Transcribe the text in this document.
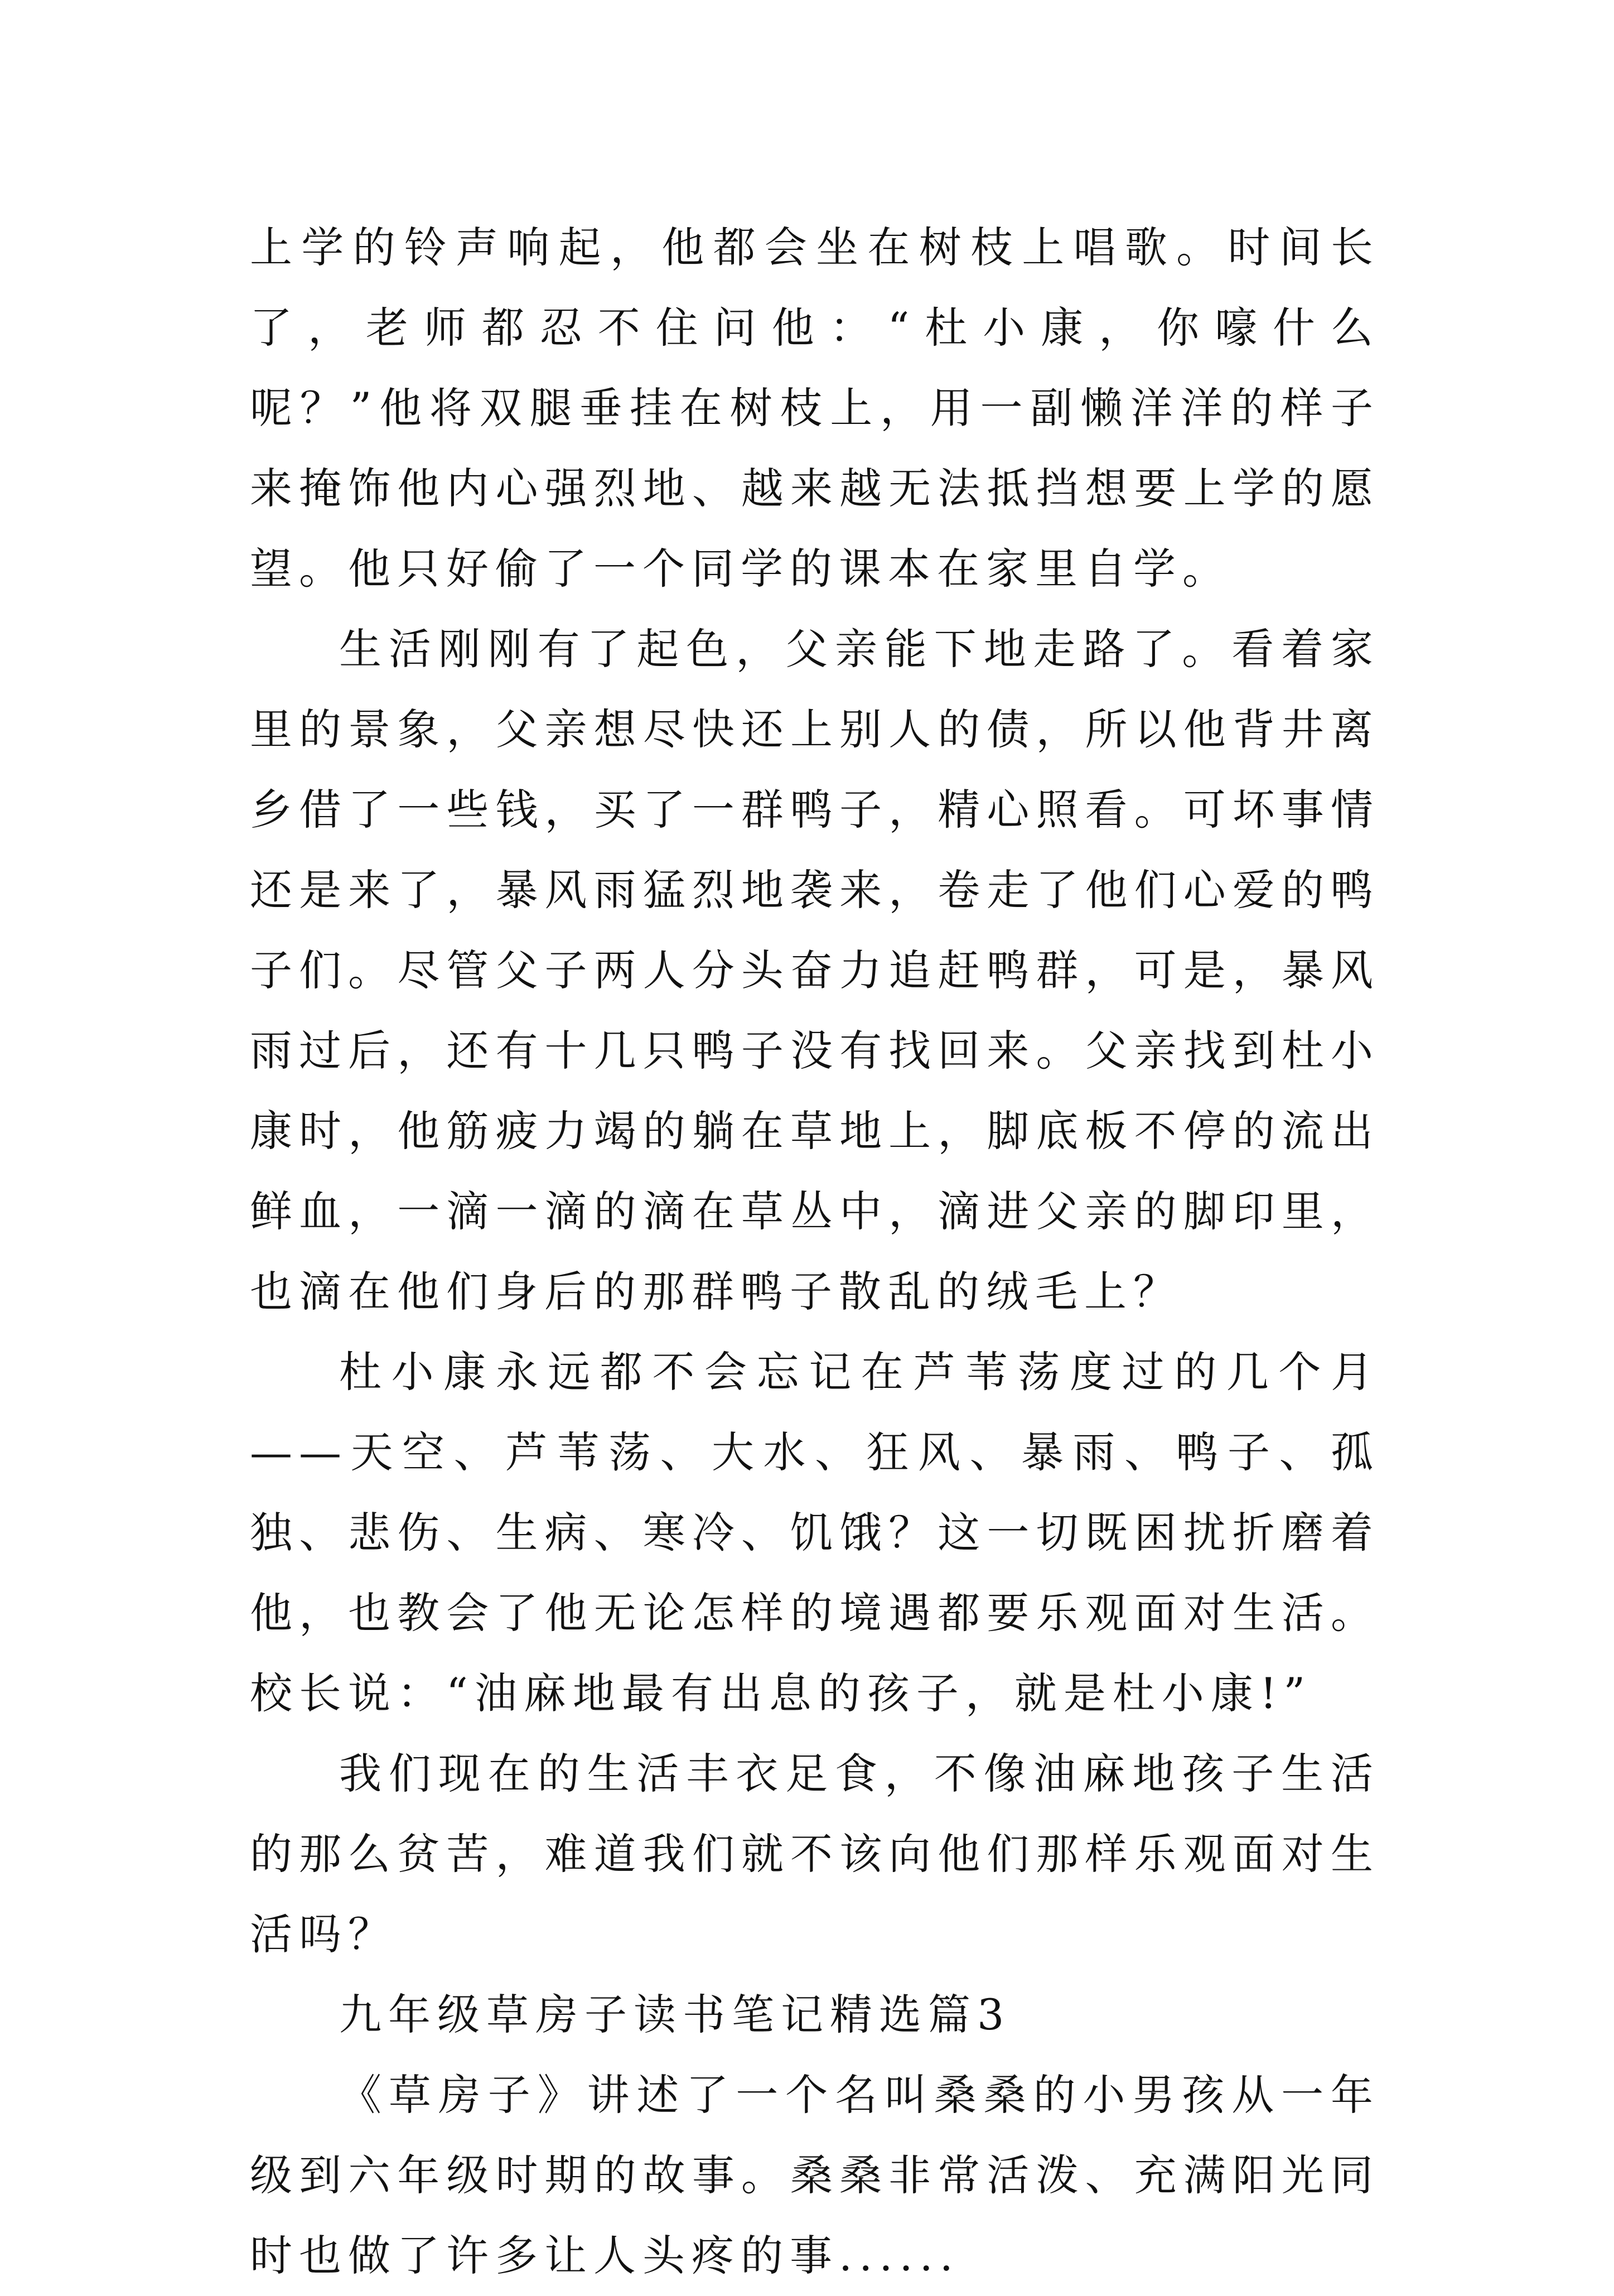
上学的铃声响起，他都会坐在树枝上唱歌。时间长了，老师都忍不住问他：“杜小康，你嚎什么呢？”他将双腿垂挂在树枝上，用一副懒洋洋的样子来掩饰他内心强烈地、越来越无法抵挡想要上学的愿望。他只好偷了一个同学的课本在家里自学。

生活刚刚有了起色，父亲能下地走路了。看着家里的景象，父亲想尽快还上别人的债，所以他背井离乡借了一些钱，买了一群鸭子，精心照看。可坏事情还是来了，暴风雨猛烈地袭来，卷走了他们心爱的鸭子们。尽管父子两人分头奋力追赶鸭群，可是，暴风雨过后，还有十几只鸭子没有找回来。父亲找到杜小康时，他筋疲力竭的躺在草地上，脚底板不停的流出鲜血，一滴一滴的滴在草丛中，滴进父亲的脚印里，也滴在他们身后的那群鸭子散乱的绒毛上？

杜小康永远都不会忘记在芦苇荡度过的几个月——天空、芦苇荡、大水、狂风、暴雨、鸭子、孤独、悲伤、生病、寒冷、饥饿？这一切既困扰折磨着他，也教会了他无论怎样的境遇都要乐观面对生活。校长说：“油麻地最有出息的孩子，就是杜小康!”

我们现在的生活丰衣足食，不像油麻地孩子生活的那么贫苦，难道我们就不该向他们那样乐观面对生活吗？

九年级草房子读书笔记精选篇3

《草房子》讲述了一个名叫桑桑的小男孩从一年级到六年级时期的故事。桑桑非常活泼、充满阳光同时也做了许多让人头疼的事......
